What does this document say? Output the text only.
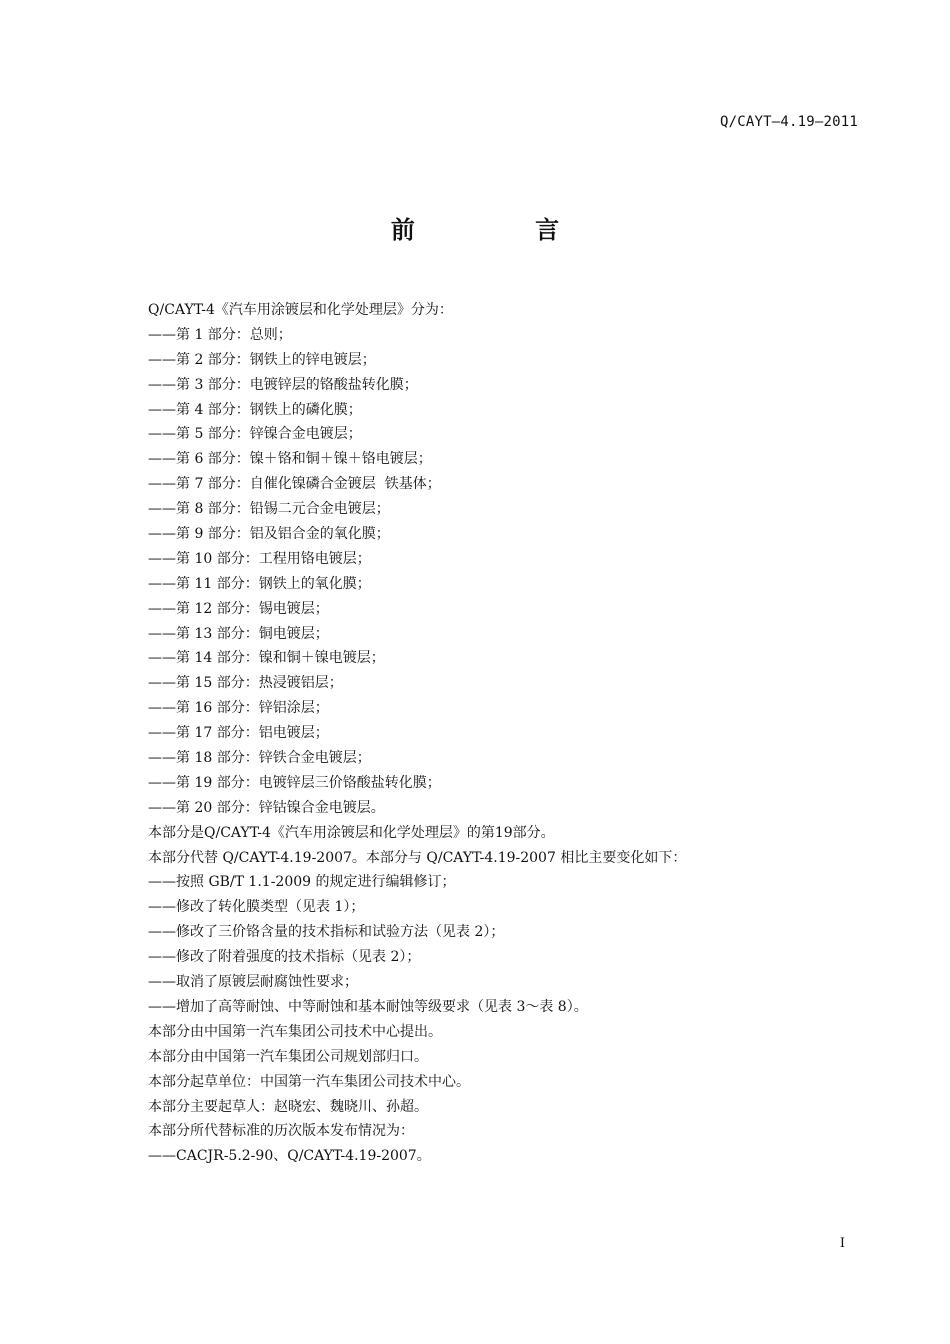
Q/CAYT—4.19—2011
前 言
Q/CAYT-4《汽车用涂镀层和化学处理层》分为：
——第 1 部分：总则；
——第 2 部分：钢铁上的锌电镀层；
——第 3 部分：电镀锌层的铬酸盐转化膜；
——第 4 部分：钢铁上的磷化膜；
——第 5 部分：锌镍合金电镀层；
——第 6 部分：镍＋铬和铜＋镍＋铬电镀层；
——第 7 部分：自催化镍磷合金镀层  铁基体；
——第 8 部分：铅锡二元合金电镀层；
——第 9 部分：铝及铝合金的氧化膜；
——第 10 部分：工程用铬电镀层；
——第 11 部分：钢铁上的氧化膜；
——第 12 部分：锡电镀层；
——第 13 部分：铜电镀层；
——第 14 部分：镍和铜＋镍电镀层；
——第 15 部分：热浸镀铝层；
——第 16 部分：锌铝涂层；
——第 17 部分：铝电镀层；
——第 18 部分：锌铁合金电镀层；
——第 19 部分：电镀锌层三价铬酸盐转化膜；
——第 20 部分：锌钴镍合金电镀层。
本部分是Q/CAYT-4《汽车用涂镀层和化学处理层》的第19部分。
本部分代替 Q/CAYT-4.19-2007。本部分与 Q/CAYT-4.19-2007 相比主要变化如下：
——按照 GB/T 1.1-2009 的规定进行编辑修订；
——修改了转化膜类型（见表 1）；
——修改了三价铬含量的技术指标和试验方法（见表 2）；
——修改了附着强度的技术指标（见表 2）；
——取消了原镀层耐腐蚀性要求；
——增加了高等耐蚀、中等耐蚀和基本耐蚀等级要求（见表 3～表 8）。
本部分由中国第一汽车集团公司技术中心提出。
本部分由中国第一汽车集团公司规划部归口。
本部分起草单位：中国第一汽车集团公司技术中心。
本部分主要起草人：赵晓宏、魏晓川、孙超。
本部分所代替标准的历次版本发布情况为：
——CACJR-5.2-90、Q/CAYT-4.19-2007。
I
